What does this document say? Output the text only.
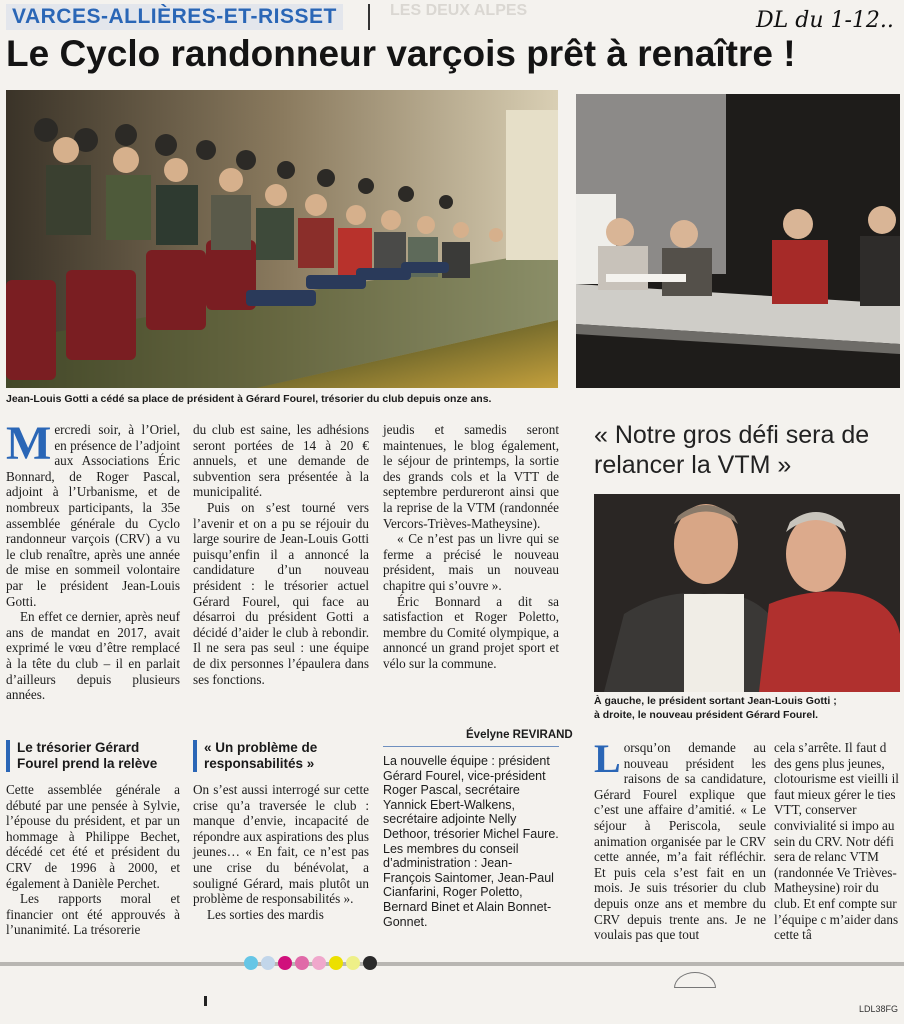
VARCES-ALLIÈRES-ET-RISSET	LES DEUX ALPES	DL du 1-12..
Le Cyclo randonneur varçois prêt à renaître !
Jean-Louis Gotti a cédé sa place de président à Gérard Fourel, trésorier du club depuis onze ans.

Mercredi soir, à l’Oriel, en présence de l’adjoint aux Associations Éric Bonnard, de Roger Pascal, adjoint à l’Urbanisme, et de nombreux participants, la 35e assemblée générale du Cyclo randonneur varçois (CRV) a vu le club renaître, après une année de mise en sommeil volontaire par le président Jean-Louis Gotti.

En effet ce dernier, après neuf ans de mandat en 2017, avait exprimé le vœu d’être remplacé à la tête du club – il en parlait d’ailleurs depuis plusieurs années.

Le trésorier Gérard Fourel prend la relève

Cette assemblée générale a débuté par une pensée à Sylvie, l’épouse du président, et par un hommage à Philippe Bechet, décédé cet été et président du CRV de 1996 à 2000, et également à Danièle Perchet.

Les rapports moral et financier ont été approuvés à l’unanimité. La trésorerie

du club est saine, les adhésions seront portées de 14 à 20 € annuels, et une demande de subvention sera présentée à la municipalité.

Puis on s’est tourné vers l’avenir et on a pu se réjouir du large sourire de Jean-Louis Gotti puisqu’enfin il a annoncé la candidature d’un nouveau président : le trésorier actuel Gérard Fourel, qui face au désarroi du président Gotti a décidé d’aider le club à rebondir. Il ne sera pas seul : une équipe de dix personnes l’épaulera dans ses fonctions.

« Un problème de responsabilités »

On s’est aussi interrogé sur cette crise qu’a traversée le club : manque d’envie, incapacité de répondre aux aspirations des plus jeunes… « En fait, ce n’est pas une crise du bénévolat, a souligné Gérard, mais plutôt un problème de responsabilités ».

Les sorties des mardis

jeudis et samedis seront maintenues, le blog également, le séjour de printemps, la sortie des grands cols et la VTT de septembre perdureront ainsi que la reprise de la VTM (randonnée Vercors-Trièves-Matheysine).

« Ce n’est pas un livre qui se ferme a précisé le nouveau président, mais un nouveau chapitre qui s’ouvre ».

Éric Bonnard a dit sa satisfaction et Roger Poletto, membre du Comité olympique, a annoncé un grand projet sport et vélo sur la commune.

Évelyne REVIRAND
La nouvelle équipe : président Gérard Fourel, vice-président Roger Pascal, secrétaire Yannick Ebert-Walkens, secrétaire adjointe Nelly Dethoor, trésorier Michel Faure.
Les membres du conseil d’administration : Jean-François Saintomer, Jean-Paul Cianfarini, Roger Poletto, Bernard Binet et Alain Bonnet-Gonnet.
« Notre gros défi sera de relancer la VTM »
À gauche, le président sortant Jean-Louis Gotti ;
à droite, le nouveau président Gérard Fourel.

Lorsqu’on demande au nouveau président les raisons de sa candidature, Gérard Fourel explique que c’est une affaire d’amitié. « Le séjour à Periscola, seule animation organisée par le CRV cette année, m’a fait réfléchir. Et puis cela s’est fait en un mois. Je suis trésorier du club depuis onze ans et membre du CRV depuis trente ans. Je ne voulais pas que tout

cela s’arrête. Il faut d des gens plus jeunes, clotourisme est vieilli il faut mieux gérer le ties VTT, conserver convivialité si impo au sein du CRV. Notr défi sera de relanc VTM (randonnée Ve Trièves-Matheysine) roir du club. Et enf compte sur l’équipe c m’aider dans cette tâ

LDL38FG
